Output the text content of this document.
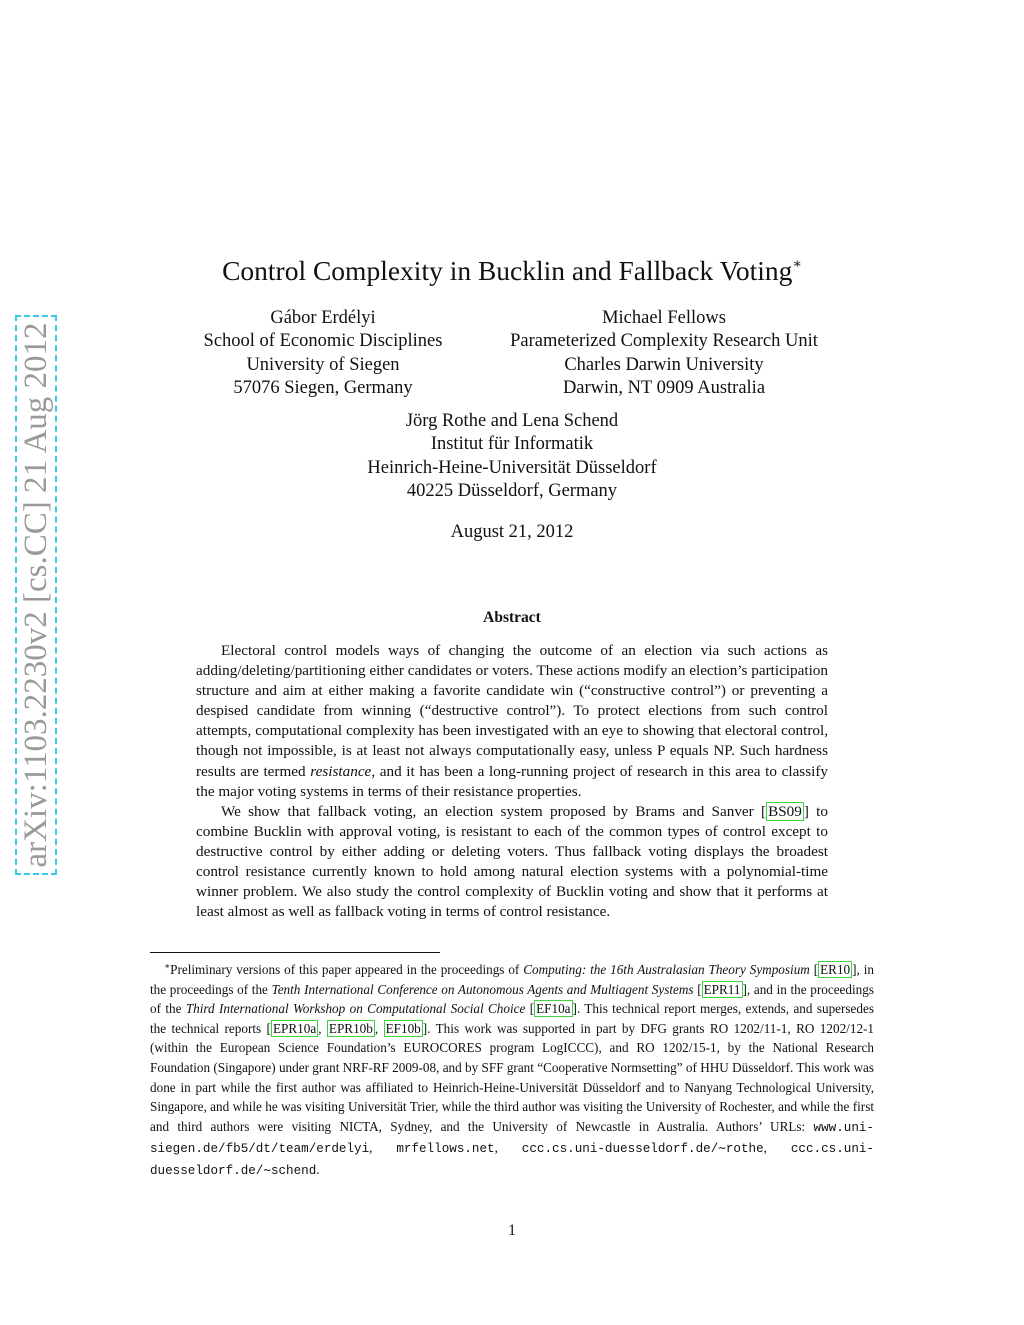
arXiv:1103.2230v2 [cs.CC] 21 Aug 2012
Control Complexity in Bucklin and Fallback Voting∗
Gábor Erdélyi
School of Economic Disciplines
University of Siegen
57076 Siegen, Germany
Michael Fellows
Parameterized Complexity Research Unit
Charles Darwin University
Darwin, NT 0909 Australia
Jörg Rothe and Lena Schend
Institut für Informatik
Heinrich-Heine-Universität Düsseldorf
40225 Düsseldorf, Germany
August 21, 2012
Abstract

Electoral control models ways of changing the outcome of an election via such actions as adding/deleting/partitioning either candidates or voters. These actions modify an election’s participation structure and aim at either making a favorite candidate win (“constructive control”) or preventing a despised candidate from winning (“destructive control”). To protect elections from such control attempts, computational complexity has been investigated with an eye to showing that electoral control, though not impossible, is at least not always computationally easy, unless P equals NP. Such hardness results are termed resistance, and it has been a long-running project of research in this area to classify the major voting systems in terms of their resistance properties.

We show that fallback voting, an election system proposed by Brams and Sanver [ BS09 ] to combine Bucklin with approval voting, is resistant to each of the common types of control except to destructive control by either adding or deleting voters. Thus fallback voting displays the broadest control resistance currently known to hold among natural election systems with a polynomial-time winner problem. We also study the control complexity of Bucklin voting and show that it performs at least almost as well as fallback voting in terms of control resistance.

∗Preliminary versions of this paper appeared in the proceedings of Computing: the 16th Australasian Theory Symposium [ ER10 ], in the proceedings of the Tenth International Conference on Autonomous Agents and Multiagent Systems [ EPR11 ], and in the proceedings of the Third International Workshop on Computational Social Choice [ EF10a ]. This technical report merges, extends, and supersedes the technical reports [ EPR10a , EPR10b , EF10b ]. This work was supported in part by DFG grants RO 1202/11-1, RO 1202/12-1 (within the European Science Foundation’s EUROCORES program LogICCC), and RO 1202/15-1, by the National Research Foundation (Singapore) under grant NRF-RF 2009-08, and by SFF grant “Cooperative Normsetting” of HHU Düsseldorf. This work was done in part while the first author was affiliated to Heinrich-Heine-Universität Düsseldorf and to Nanyang Technological University, Singapore, and while he was visiting Universität Trier, while the third author was visiting the University of Rochester, and while the first and third authors were visiting NICTA, Sydney, and the University of Newcastle in Australia. Authors’ URLs: www.uni-siegen.de/fb5/dt/team/erdelyi, mrfellows.net, ccc.cs.uni-duesseldorf.de/∼rothe, ccc.cs.uni-duesseldorf.de/∼schend.

1
